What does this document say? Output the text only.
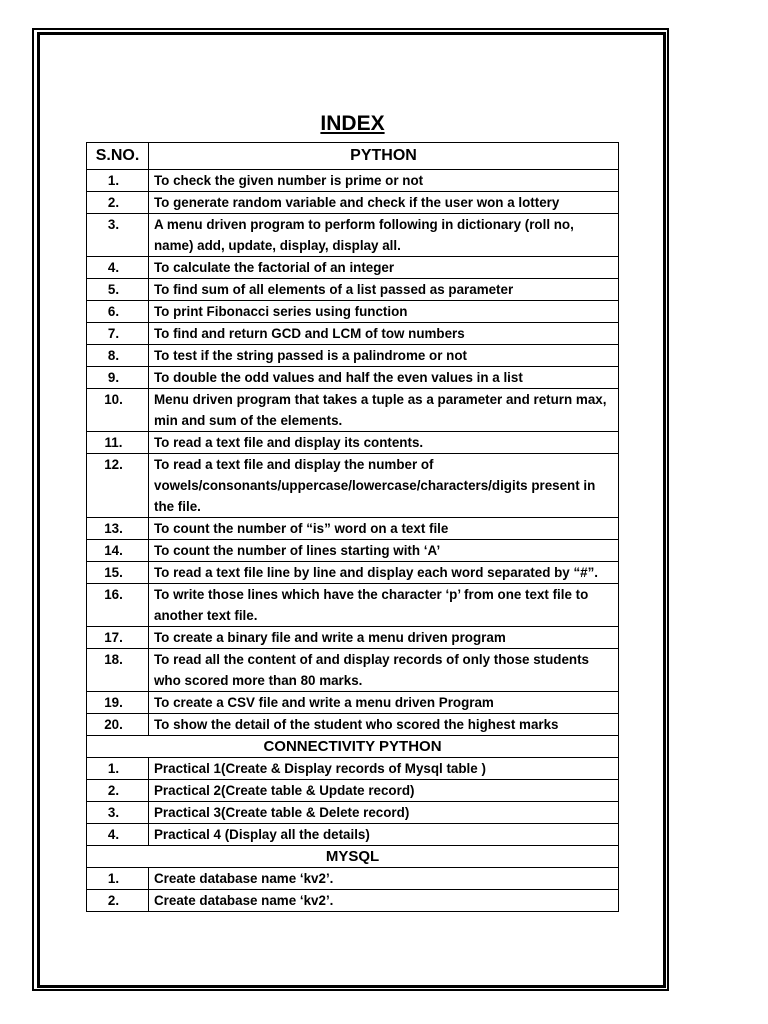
INDEX
S.NO.	PYTHON
1.	To check the given number is prime or not
2.	To generate random variable and check if the user won a lottery
3.	A menu driven program to perform following in dictionary (roll no, name) add, update, display, display all.
4.	To calculate the factorial of an integer
5.	To find sum of all elements of a list passed as parameter
6.	To print Fibonacci series using function
7.	To find and return GCD and LCM of tow numbers
8.	To test if the string passed is a palindrome or not
9.	To double the odd values and half the even values in a list
10.	Menu driven program that takes a tuple as a parameter and return max, min and sum of the elements.
11.	To read a text file and display its contents.
12.	To read a text file and display the number of vowels/consonants/uppercase/lowercase/characters/digits present in the file.
13.	To count the number of “is” word on a text file
14.	To count the number of lines starting with ‘A’
15.	To read a text file line by line and display each word separated by “#”.
16.	To write those lines which have the character ‘p’ from one text file to another text file.
17.	To create a binary file and write a menu driven program
18.	To read all the content of and display records of only those students who scored more than 80 marks.
19.	To create a CSV file and write a menu driven Program
20.	To show the detail of the student who scored the highest marks
CONNECTIVITY PYTHON	
1.	Practical 1(Create & Display records of Mysql table )
2.	Practical 2(Create table & Update record)
3.	Practical 3(Create table & Delete record)
4.	Practical 4 (Display all the details)
MYSQL	
1.	Create database name ‘kv2’.
2.	Create database name ‘kv2’.
